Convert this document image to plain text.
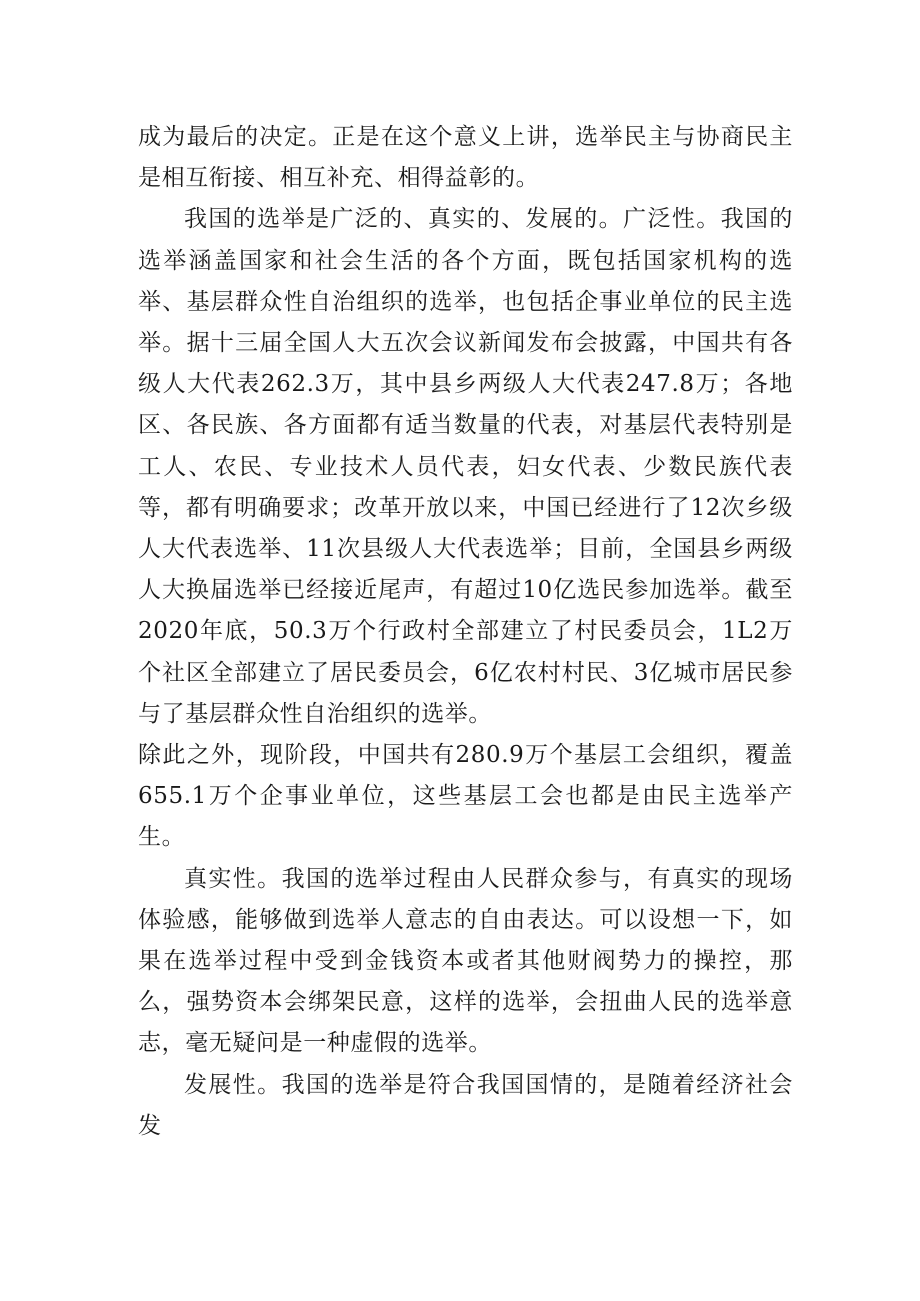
成为最后的决定。正是在这个意义上讲，选举民主与协商民主是相互衔接、相互补充、相得益彰的。

我国的选举是广泛的、真实的、发展的。广泛性。我国的选举涵盖国家和社会生活的各个方面，既包括国家机构的选举、基层群众性自治组织的选举，也包括企事业单位的民主选举。据十三届全国人大五次会议新闻发布会披露，中国共有各级人大代表262.3万，其中县乡两级人大代表247.8万；各地区、各民族、各方面都有适当数量的代表，对基层代表特别是工人、农民、专业技术人员代表，妇女代表、少数民族代表等，都有明确要求；改革开放以来，中国已经进行了12次乡级人大代表选举、11次县级人大代表选举；目前，全国县乡两级人大换届选举已经接近尾声，有超过10亿选民参加选举。截至2020年底，50.3万个行政村全部建立了村民委员会，1L2万个社区全部建立了居民委员会，6亿农村村民、3亿城市居民参与了基层群众性自治组织的选举。

除此之外，现阶段，中国共有280.9万个基层工会组织，覆盖655.1万个企事业单位，这些基层工会也都是由民主选举产生。

真实性。我国的选举过程由人民群众参与，有真实的现场体验感，能够做到选举人意志的自由表达。可以设想一下，如果在选举过程中受到金钱资本或者其他财阀势力的操控，那么，强势资本会绑架民意，这样的选举，会扭曲人民的选举意志，毫无疑问是一种虚假的选举。

发展性。我国的选举是符合我国国情的，是随着经济社会发
